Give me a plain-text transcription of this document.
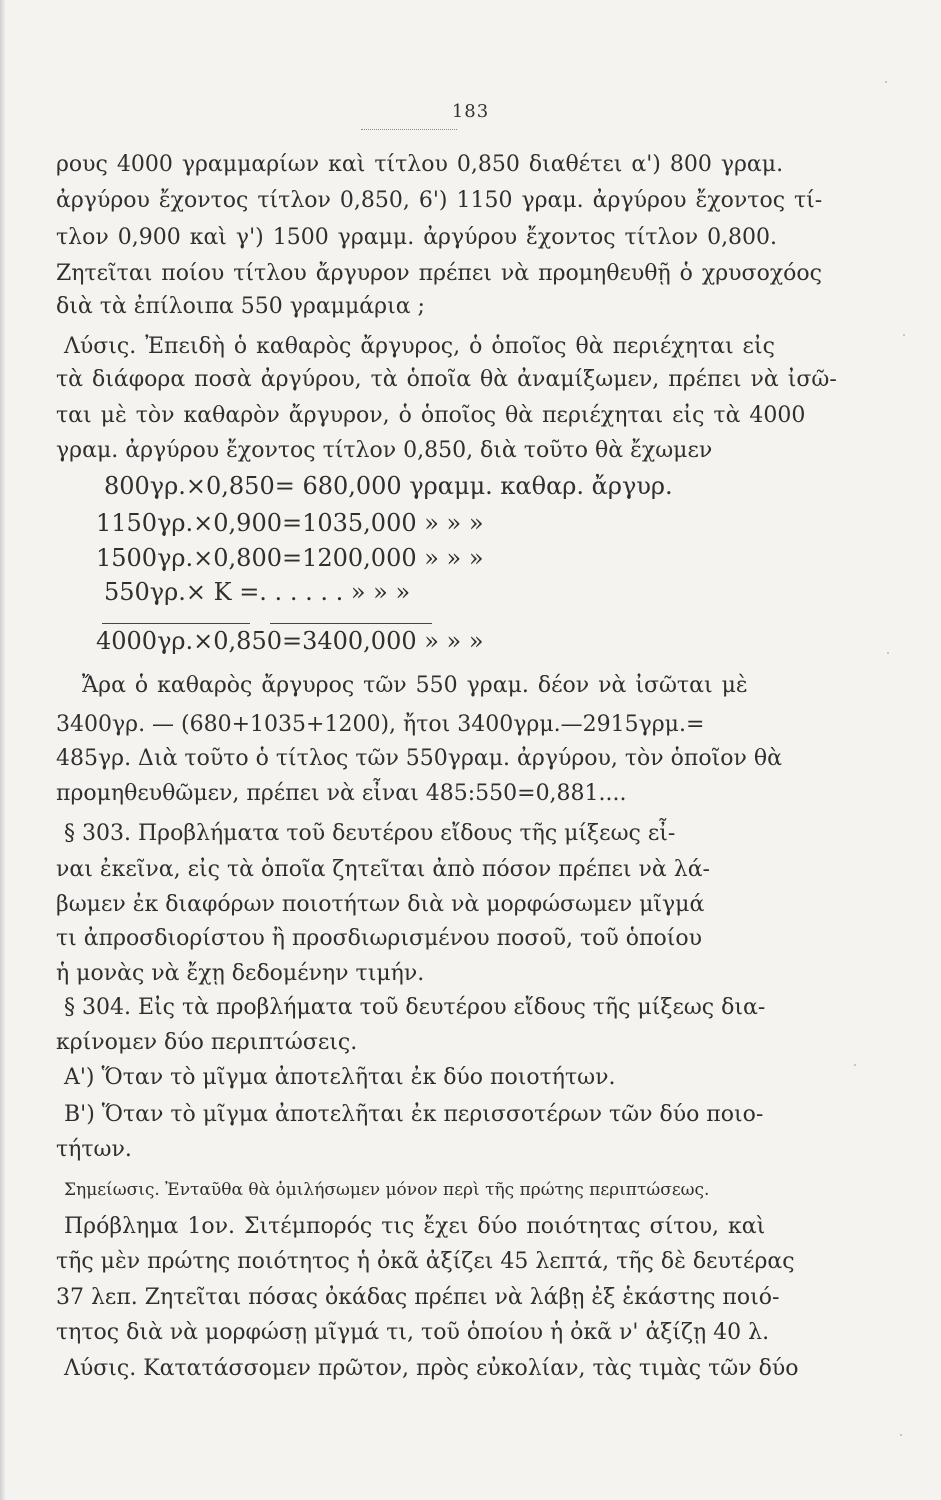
183
ρους 4000 γραμμαρίων καὶ τίτλου 0,850 διαθέτει α') 800 γραμ.
ἀργύρου ἔχοντος τίτλον 0,850, 6') 1150 γραμ. ἀργύρου ἔχοντος τί-
τλον 0,900 καὶ γ') 1500 γραμμ. ἀργύρου ἔχοντος τίτλον 0,800.
Ζητεῖται ποίου τίτλου ἄργυρον πρέπει νὰ προμηθευθῇ ὁ χρυσοχόος
διὰ τὰ ἐπίλοιπα 550 γραμμάρια ;
Λύσις. Ἐπειδὴ ὁ καθαρὸς ἄργυρος, ὁ ὁποῖος θὰ περιέχηται εἰς
τὰ διάφορα ποσὰ ἀργύρου, τὰ ὁποῖα θὰ ἀναμίξωμεν, πρέπει νὰ ἰσῶ-
ται μὲ τὸν καθαρὸν ἄργυρον, ὁ ὁποῖος θὰ περιέχηται εἰς τὰ 4000
γραμ. ἀργύρου ἔχοντος τίτλον 0,850, διὰ τοῦτο θὰ ἔχωμεν
800γρ.×0,850= 680,000 γραμμ. καθαρ. ἄργυρ.
1150γρ.×0,900=1035,000 » » »
1500γρ.×0,800=1200,000 » » »
550γρ.× Κ =. . . . . . » » »
4000γρ.×0,850=3400,000 » » »
Ἄρα ὁ καθαρὸς ἄργυρος τῶν 550 γραμ. δέον νὰ ἰσῶται μὲ
3400γρ. — (680+1035+1200), ἤτοι 3400γρμ.—2915γρμ.=
485γρ. Διὰ τοῦτο ὁ τίτλος τῶν 550γραμ. ἀργύρου, τὸν ὁποῖον θὰ
προμηθευθῶμεν, πρέπει νὰ εἶναι 485:550=0,881....
§ 303. Προβλήματα τοῦ δευτέρου εἴδους τῆς μίξεως εἶ-
ναι ἐκεῖνα, εἰς τὰ ὁποῖα ζητεῖται ἀπὸ πόσον πρέπει νὰ λά-
βωμεν ἐκ διαφόρων ποιοτήτων διὰ νὰ μορφώσωμεν μῖγμά
τι ἀπροσδιορίστου ἢ προσδιωρισμένου ποσοῦ, τοῦ ὁποίου
ἡ μονὰς νὰ ἔχῃ δεδομένην τιμήν.
§ 304. Εἰς τὰ προβλήματα τοῦ δευτέρου εἴδους τῆς μίξεως δια-
κρίνομεν δύο περιπτώσεις.
Α') Ὅταν τὸ μῖγμα ἀποτελῆται ἐκ δύο ποιοτήτων.
Β') Ὅταν τὸ μῖγμα ἀποτελῆται ἐκ περισσοτέρων τῶν δύο ποιο-
τήτων.
Σημείωσις. Ἐνταῦθα θὰ ὁμιλήσωμεν μόνον περὶ τῆς πρώτης περιπτώσεως.
Πρόβλημα 1ον. Σιτέμπορός τις ἔχει δύο ποιότητας σίτου, καὶ
τῆς μὲν πρώτης ποιότητος ἡ ὀκᾶ ἀξίζει 45 λεπτά, τῆς δὲ δευτέρας
37 λεπ. Ζητεῖται πόσας ὀκάδας πρέπει νὰ λάβῃ ἐξ ἑκάστης ποιό-
τητος διὰ νὰ μορφώσῃ μῖγμά τι, τοῦ ὁποίου ἡ ὀκᾶ ν' ἀξίζῃ 40 λ.
Λύσις. Κατατάσσομεν πρῶτον, πρὸς εὐκολίαν, τὰς τιμὰς τῶν δύο
